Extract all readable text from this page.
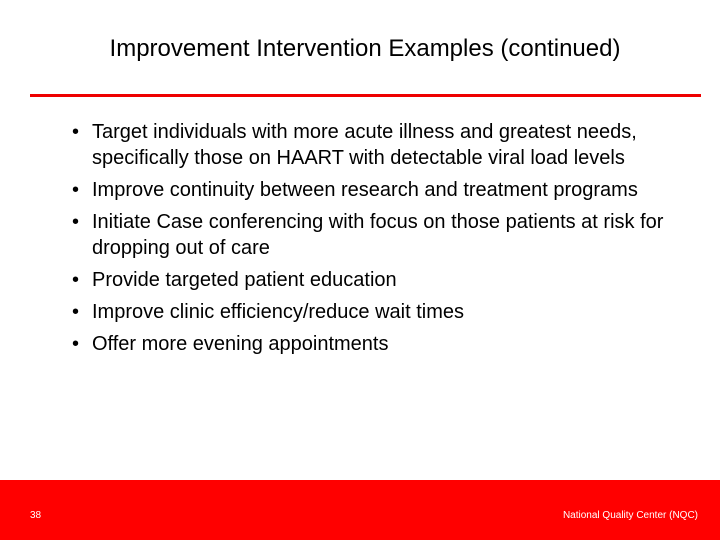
Improvement Intervention Examples (continued)
• Target individuals with more acute illness and greatest needs, specifically those on HAART with detectable viral load levels
• Improve continuity between research and treatment programs
• Initiate Case conferencing with focus on those patients at risk for dropping out of care
• Provide targeted patient education
• Improve clinic efficiency/reduce wait times
• Offer more evening appointments
38	National Quality Center (NQC)
